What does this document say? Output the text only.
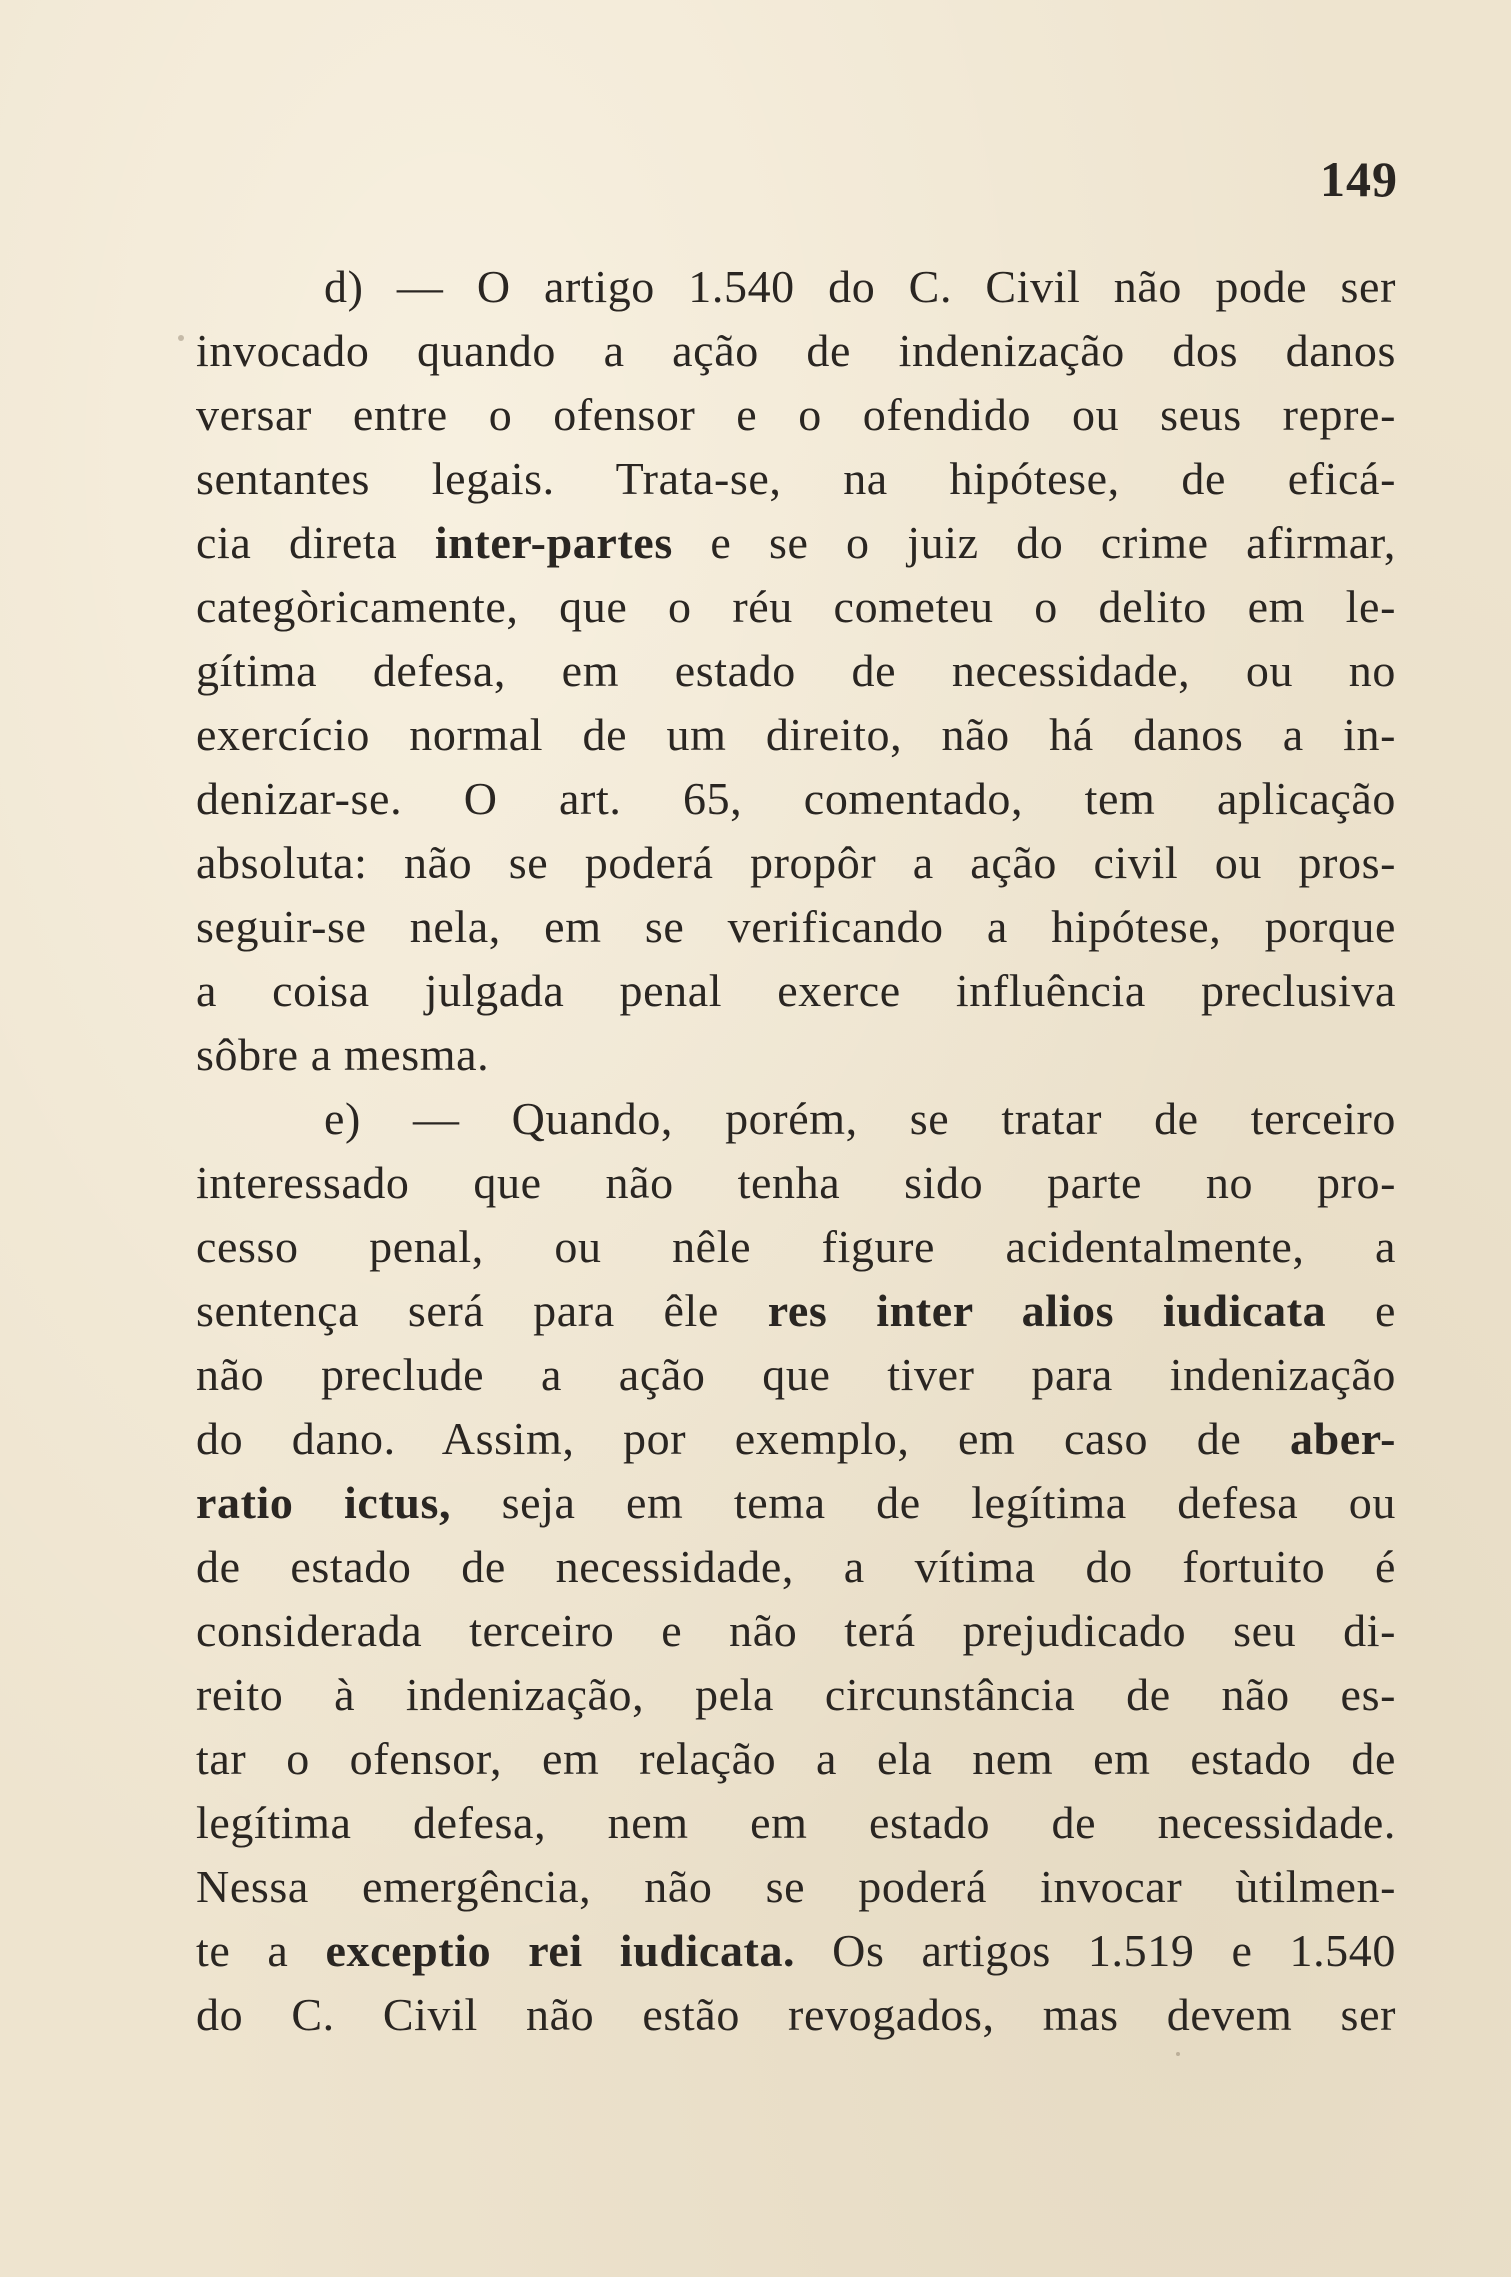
149
d) — O artigo 1.540 do C. Civil não pode ser
invocado quando a ação de indenização dos danos
versar entre o ofensor e o ofendido ou seus repre-
sentantes legais. Trata-se, na hipótese, de eficá-
cia direta inter-partes e se o juiz do crime afirmar,
categòricamente, que o réu cometeu o delito em le-
gítima defesa, em estado de necessidade, ou no
exercício normal de um direito, não há danos a in-
denizar-se. O art. 65, comentado, tem aplicação
absoluta: não se poderá propôr a ação civil ou pros-
seguir-se nela, em se verificando a hipótese, porque
a coisa julgada penal exerce influência preclusiva
sôbre a mesma.
e) — Quando, porém, se tratar de terceiro
interessado que não tenha sido parte no pro-
cesso penal, ou nêle figure acidentalmente, a
sentença será para êle res inter alios iudicata e
não preclude a ação que tiver para indenização
do dano. Assim, por exemplo, em caso de aber-
ratio ictus, seja em tema de legítima defesa ou
de estado de necessidade, a vítima do fortuito é
considerada terceiro e não terá prejudicado seu di-
reito à indenização, pela circunstância de não es-
tar o ofensor, em relação a ela nem em estado de
legítima defesa, nem em estado de necessidade.
Nessa emergência, não se poderá invocar ùtilmen-
te a exceptio rei iudicata. Os artigos 1.519 e 1.540
do C. Civil não estão revogados, mas devem ser
